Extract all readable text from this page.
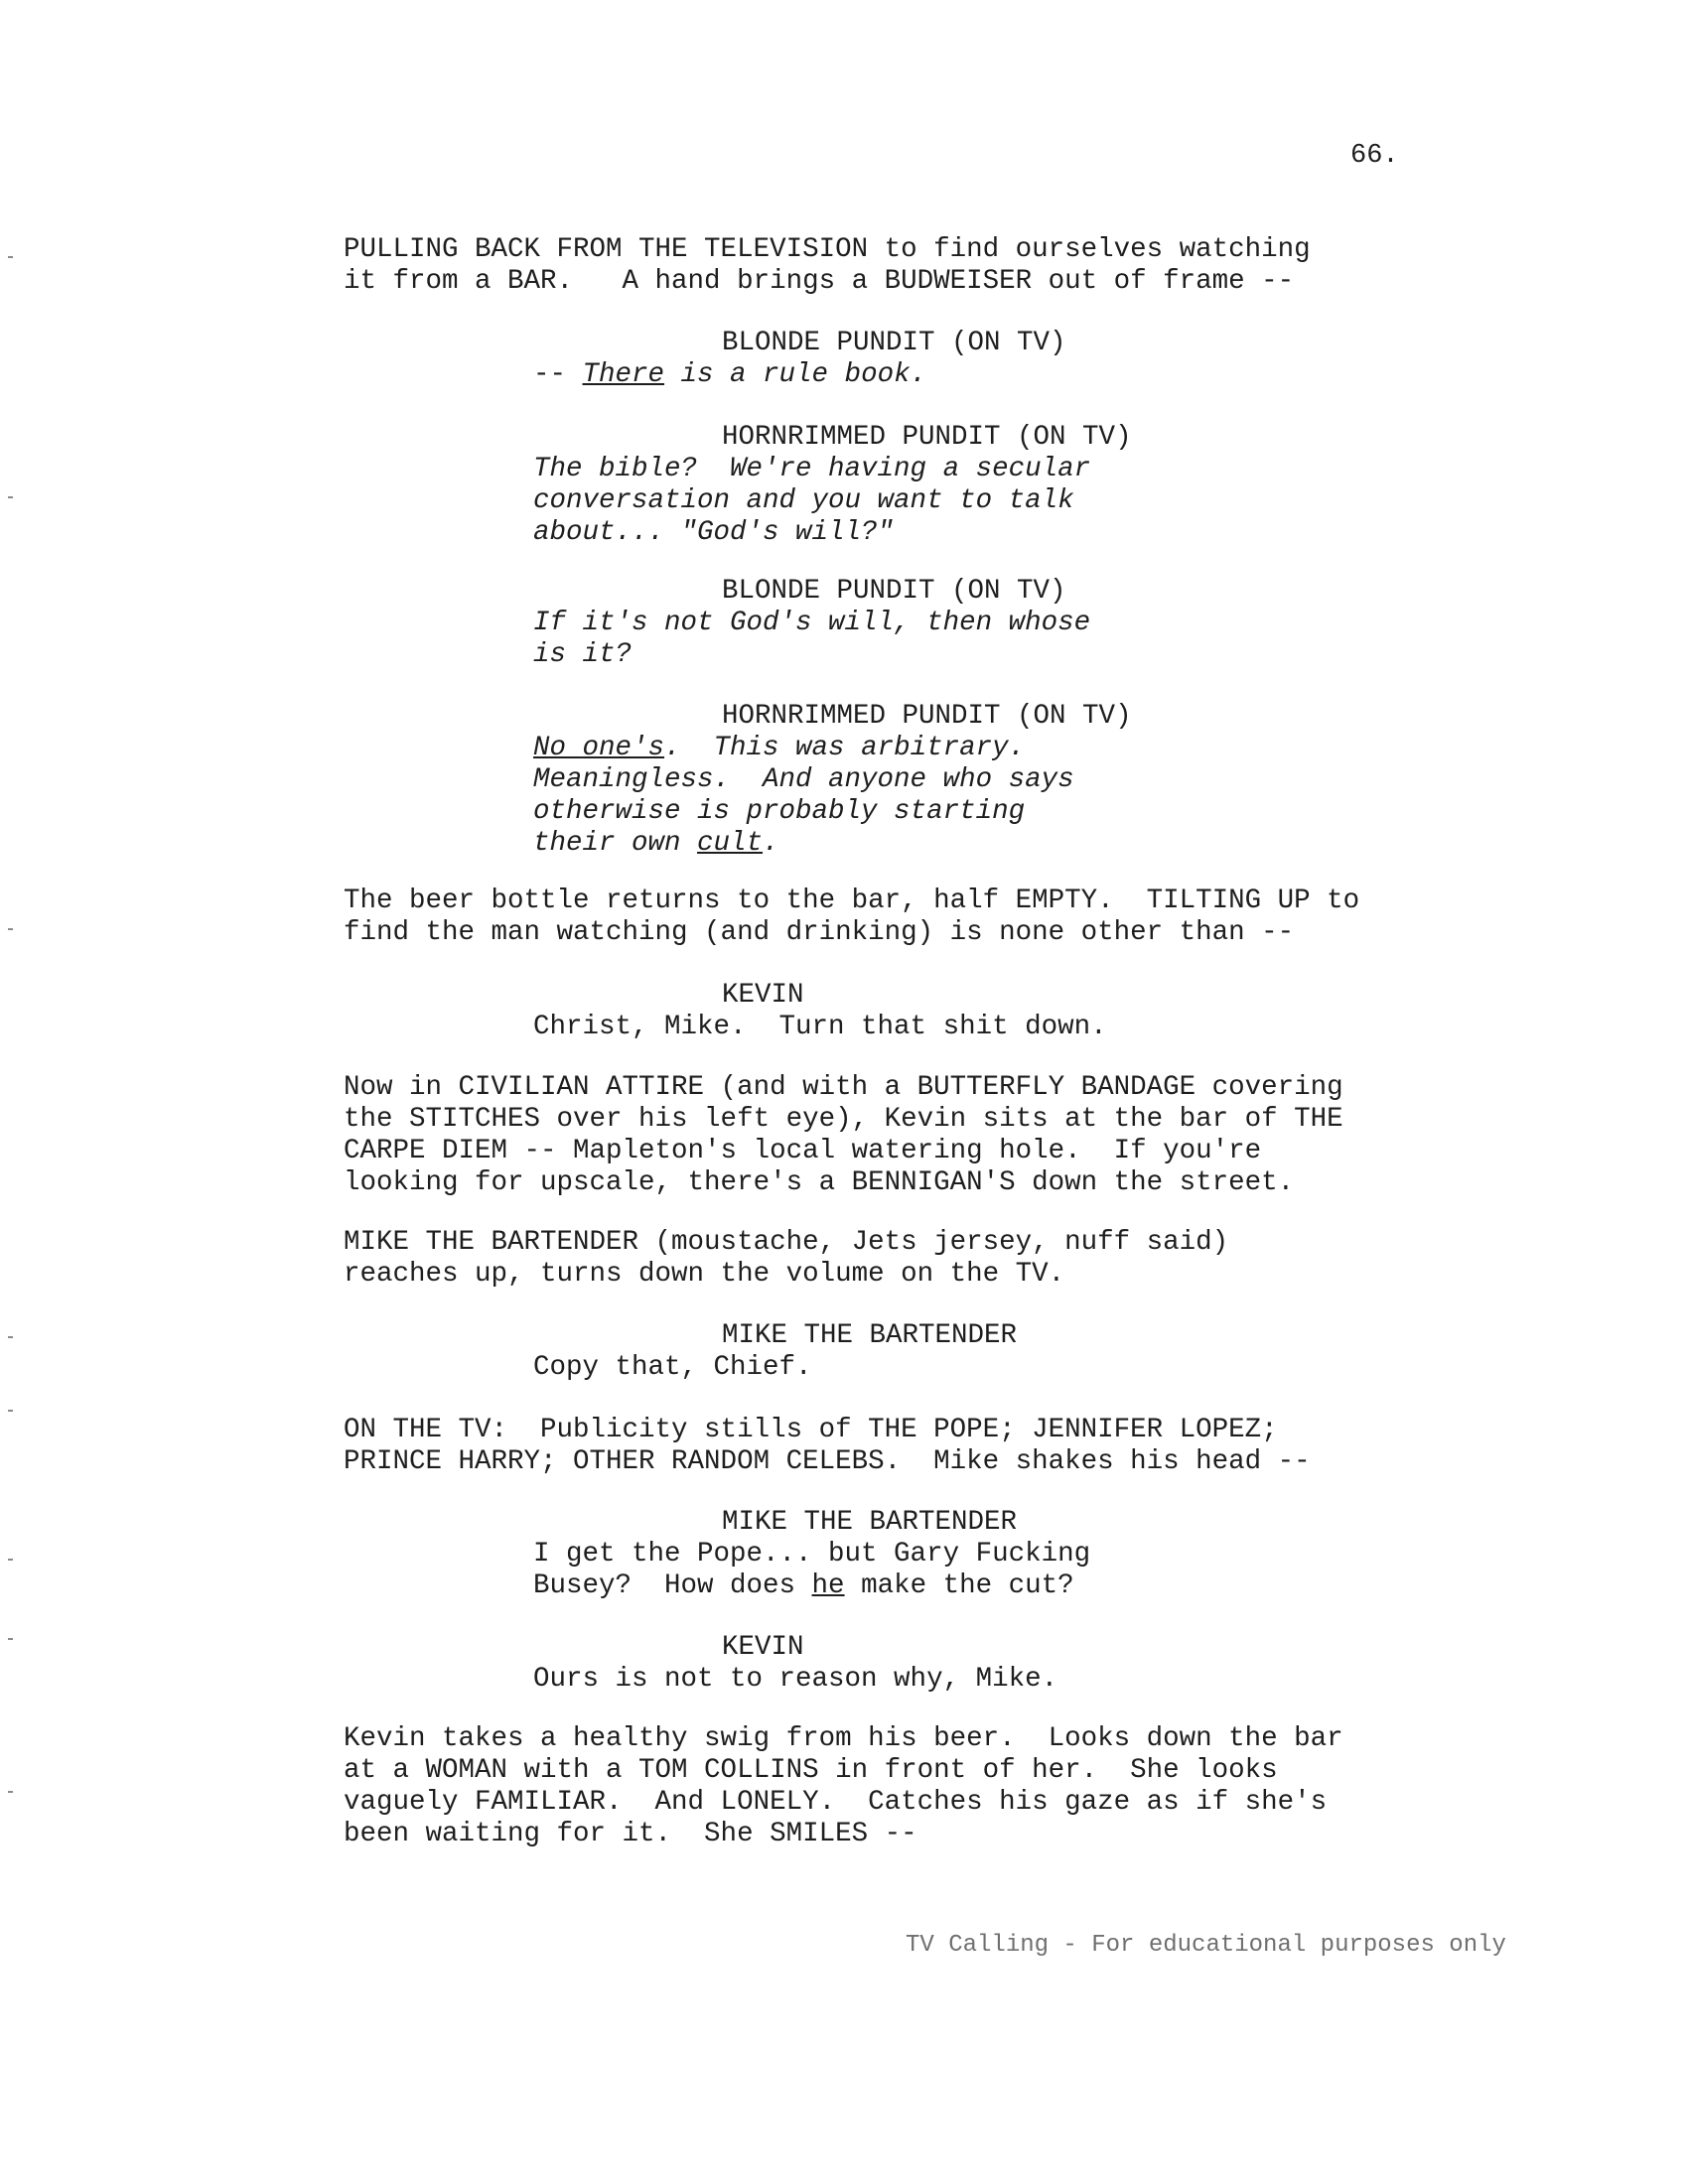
66.
PULLING BACK FROM THE TELEVISION to find ourselves watching
it from a BAR.   A hand brings a BUDWEISER out of frame --
BLONDE PUNDIT (ON TV)
-- There is a rule book.
HORNRIMMED PUNDIT (ON TV)
The bible?  We're having a secular
conversation and you want to talk
about... "God's will?"
BLONDE PUNDIT (ON TV)
If it's not God's will, then whose
is it?
HORNRIMMED PUNDIT (ON TV)
No one's.  This was arbitrary.
Meaningless.  And anyone who says
otherwise is probably starting
their own cult.
The beer bottle returns to the bar, half EMPTY.  TILTING UP to
find the man watching (and drinking) is none other than --
KEVIN
Christ, Mike.  Turn that shit down.
Now in CIVILIAN ATTIRE (and with a BUTTERFLY BANDAGE covering
the STITCHES over his left eye), Kevin sits at the bar of THE
CARPE DIEM -- Mapleton's local watering hole.  If you're
looking for upscale, there's a BENNIGAN'S down the street.
MIKE THE BARTENDER (moustache, Jets jersey, nuff said)
reaches up, turns down the volume on the TV.
MIKE THE BARTENDER
Copy that, Chief.
ON THE TV:  Publicity stills of THE POPE; JENNIFER LOPEZ;
PRINCE HARRY; OTHER RANDOM CELEBS.  Mike shakes his head --
MIKE THE BARTENDER
I get the Pope... but Gary Fucking
Busey?  How does he make the cut?
KEVIN
Ours is not to reason why, Mike.
Kevin takes a healthy swig from his beer.  Looks down the bar
at a WOMAN with a TOM COLLINS in front of her.  She looks
vaguely FAMILIAR.  And LONELY.  Catches his gaze as if she's
been waiting for it.  She SMILES --
TV Calling - For educational purposes only
